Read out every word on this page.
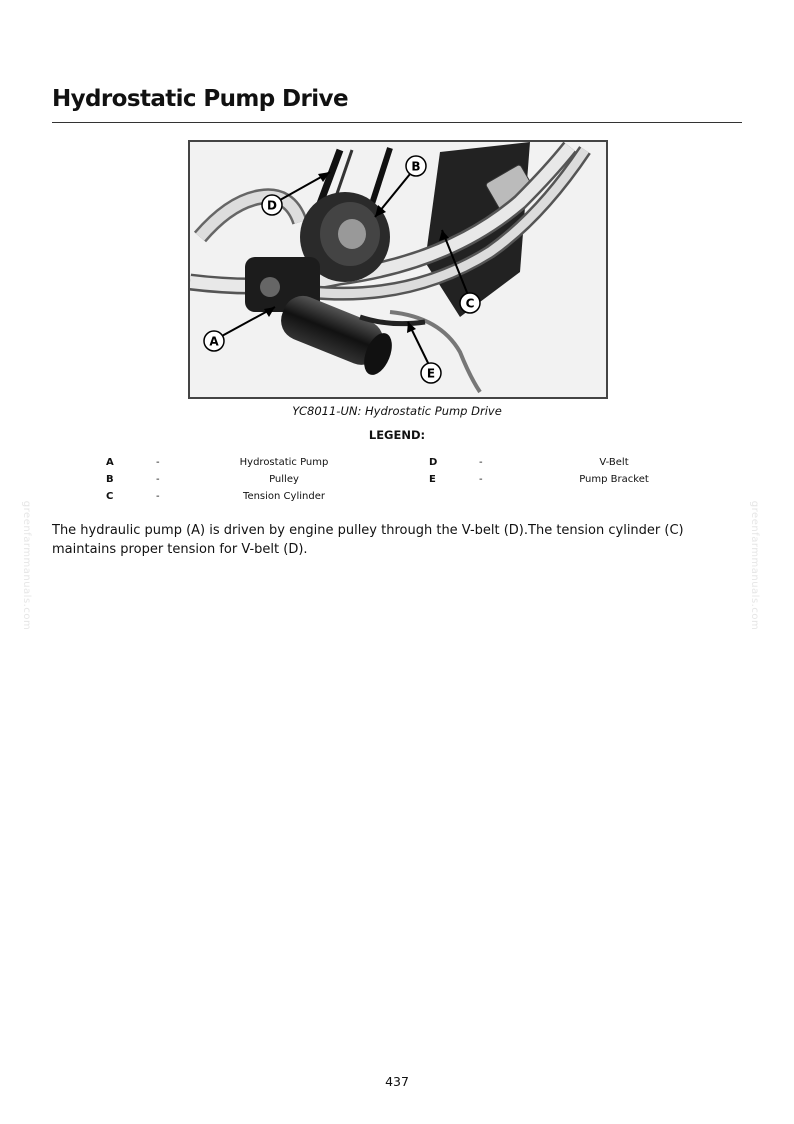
Hydrostatic Pump Drive
A
B
C
D
E
YC8011-UN: Hydrostatic Pump Drive
LEGEND:
A	-	Hydrostatic Pump
B	-	Pulley
C	-	Tension Cylinder
D	-	V-Belt
E	-	Pump Bracket

The hydraulic pump (A) is driven by engine pulley through the V-belt (D).The tension cylinder (C) maintains proper tension for V-belt (D).

greenfarmmanuals.com	greenfarmmanuals.com
437
